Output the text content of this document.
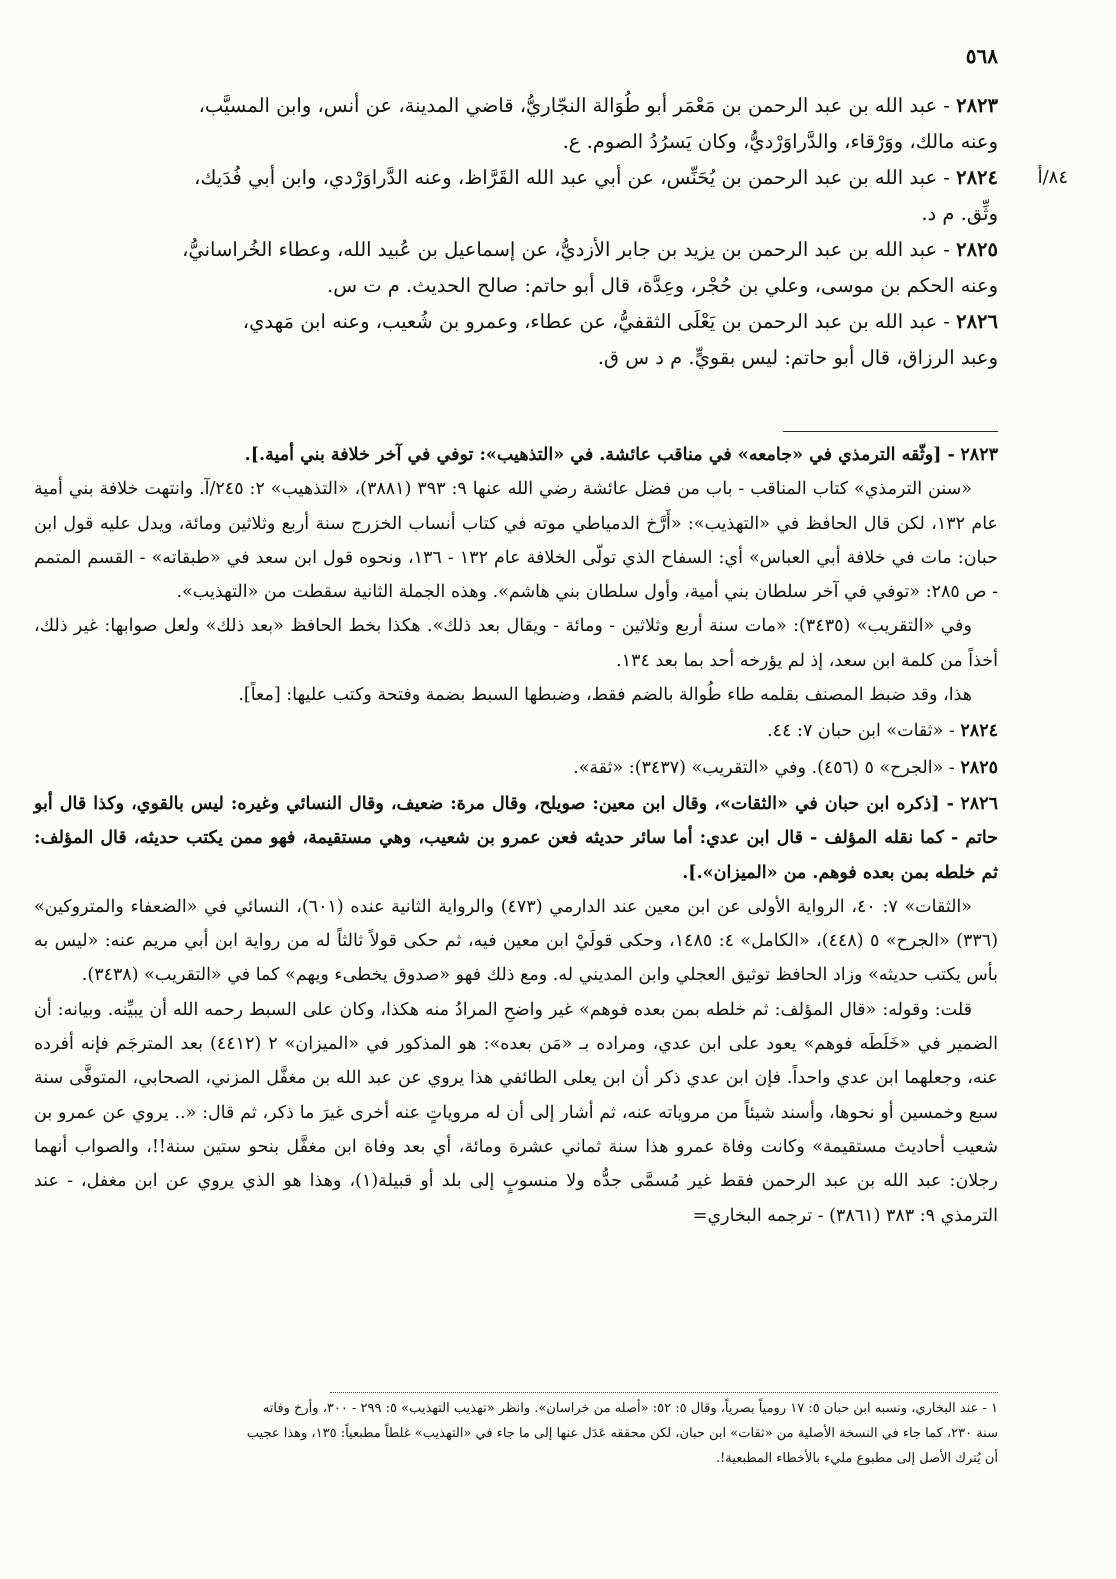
٥٦٨

٢٨٢٣ - عبد الله بن عبد الرحمن بن مَعْمَر أبو طُوَالة النجّاريُّ، قاضي المدينة، عن أنس، وابن المسيَّب،

وعنه مالك، ووَرْقاء، والدَّراوَرْديُّ، وكان يَسرُدُ الصوم. ع.

٨٤/أ

٢٨٢٤ - عبد الله بن عبد الرحمن بن يُحَنِّس، عن أبي عبد الله القَرَّاظ، وعنه الدَّراوَرْدي، وابن أبي فُدَيك،

وثِّق. م د.

٢٨٢٥ - عبد الله بن عبد الرحمن بن يزيد بن جابر الأزديُّ، عن إسماعيل بن عُبيد الله، وعطاء الخُراسانيُّ،

وعنه الحكم بن موسى، وعلي بن حُجْر، وعِدَّة، قال أبو حاتم: صالح الحديث. م ت س.

٢٨٢٦ - عبد الله بن عبد الرحمن بن يَعْلَى الثقفيُّ، عن عطاء، وعمرو بن شُعيب، وعنه ابن مَهدي،

وعبد الرزاق، قال أبو حاتم: ليس بقويٍّ. م د س ق.

٢٨٢٣ - [وثّقه الترمذي في «جامعه» في مناقب عائشة. في «التذهيب»: توفي في آخر خلافة بني أمية.].

«سنن الترمذي» كتاب المناقب - باب من فضل عائشة رضي الله عنها ٩: ٣٩٣ (٣٨٨١)، «التذهيب» ٢: ٢٤٥/آ. وانتهت خلافة بني أمية عام ١٣٢، لكن قال الحافظ في «التهذيب»: «أَرَّخ الدمياطي موته في كتاب أنساب الخزرج سنة أربع وثلاثين ومائة، ويدل عليه قول ابن حبان: مات في خلافة أبي العباس» أي: السفاح الذي تولّى الخلافة عام ١٣٢ - ١٣٦، ونحوه قول ابن سعد في «طبقاته» - القسم المتمم - ص ٢٨٥: «توفي في آخر سلطان بني أمية، وأول سلطان بني هاشم». وهذه الجملة الثانية سقطت من «التهذيب».

وفي «التقريب» (٣٤٣٥): «مات سنة أربع وثلاثين - ومائة - ويقال بعد ذلك». هكذا بخط الحافظ «بعد ذلك» ولعل صوابها: غير ذلك، أخذاً من كلمة ابن سعد، إذ لم يؤرخه أحد بما بعد ١٣٤.

هذا، وقد ضبط المصنف بقلمه طاء طُوالة بالضم فقط، وضبطها السبط بضمة وفتحة وكتب عليها: [معاً].

٢٨٢٤ - «ثقات» ابن حبان ٧: ٤٤.

٢٨٢٥ - «الجرح» ٥ (٤٥٦). وفي «التقريب» (٣٤٣٧): «ثقة».

٢٨٢٦ - [ذكره ابن حبان في «الثقات»، وقال ابن معين: صويلح، وقال مرة: ضعيف، وقال النسائي وغيره: ليس بالقوي، وكذا قال أبو حاتم - كما نقله المؤلف - قال ابن عدي: أما سائر حديثه فعن عمرو بن شعيب، وهي مستقيمة، فهو ممن يكتب حديثه، قال المؤلف: ثم خلطه بمن بعده فوهم. من «الميزان».].

«الثقات» ٧: ٤٠، الرواية الأولى عن ابن معين عند الدارمي (٤٧٣) والرواية الثانية عنده (٦٠١)، النسائي في «الضعفاء والمتروكين» (٣٣٦) «الجرح» ٥ (٤٤٨)، «الكامل» ٤: ١٤٨٥، وحكى قولَيْ ابن معين فيه، ثم حكى قولاً ثالثاً له من رواية ابن أبي مريم عنه: «ليس به بأس يكتب حديثه» وزاد الحافظ توثيق العجلي وابن المديني له. ومع ذلك فهو «صدوق يخطىء ويهم» كما في «التقريب» (٣٤٣٨).

قلت: وقوله: «قال المؤلف: ثم خلطه بمن بعده فوهم» غير واضحِ المرادُ منه هكذا، وكان على السبط رحمه الله أن يبيِّنه. وبيانه: أن الضمير في «خَلَطَه فوهم» يعود على ابن عدي، ومراده بـ «مَن بعده»: هو المذكور في «الميزان» ٢ (٤٤١٢) بعد المترجَم فإنه أفرده عنه، وجعلهما ابن عدي واحداً. فإن ابن عدي ذكر أن ابن يعلى الطائفي هذا يروي عن عبد الله بن مغفَّل المزني، الصحابي، المتوفَّى سنة سبع وخمسين أو نحوها، وأسند شيئاً من مروياته عنه، ثم أشار إلى أن له مروياتٍ عنه أخرى غيرَ ما ذكر، ثم قال: «.. يروي عن عمرو بن شعيب أحاديث مستقيمة» وكانت وفاة عمرو هذا سنة ثماني عشرة ومائة، أي بعد وفاة ابن مغفَّل بنحو ستين سنة!!، والصواب أنهما رجلان: عبد الله بن عبد الرحمن فقط غير مُسمَّى جدُّه ولا منسوبٍ إلى بلد أو قبيلة(١)، وهذا هو الذي يروي عن ابن مغفل، - عند الترمذي ٩: ٣٨٣ (٣٨٦١) - ترجمه البخاري=

١ - عند البخاري، ونسبه ابن حبان ٥: ١٧ رومياً بصرياً، وقال ٥: ٥٢: «أصله من خراسان». وانظر «تهذيب التهذيب» ٥: ٢٩٩ - ٣٠٠، وأرخ وفاته

سنة ٢٣٠، كما جاء في النسخة الأصلية من «ثقات» ابن حبان، لكن محققه عَدَل عنها إلى ما جاء في «التهذيب» غلطاً مطبعياً: ١٣٥، وهذا عجيب

أن يُترك الأصل إلى مطبوع مليء بالأخطاء المطبعية!.
